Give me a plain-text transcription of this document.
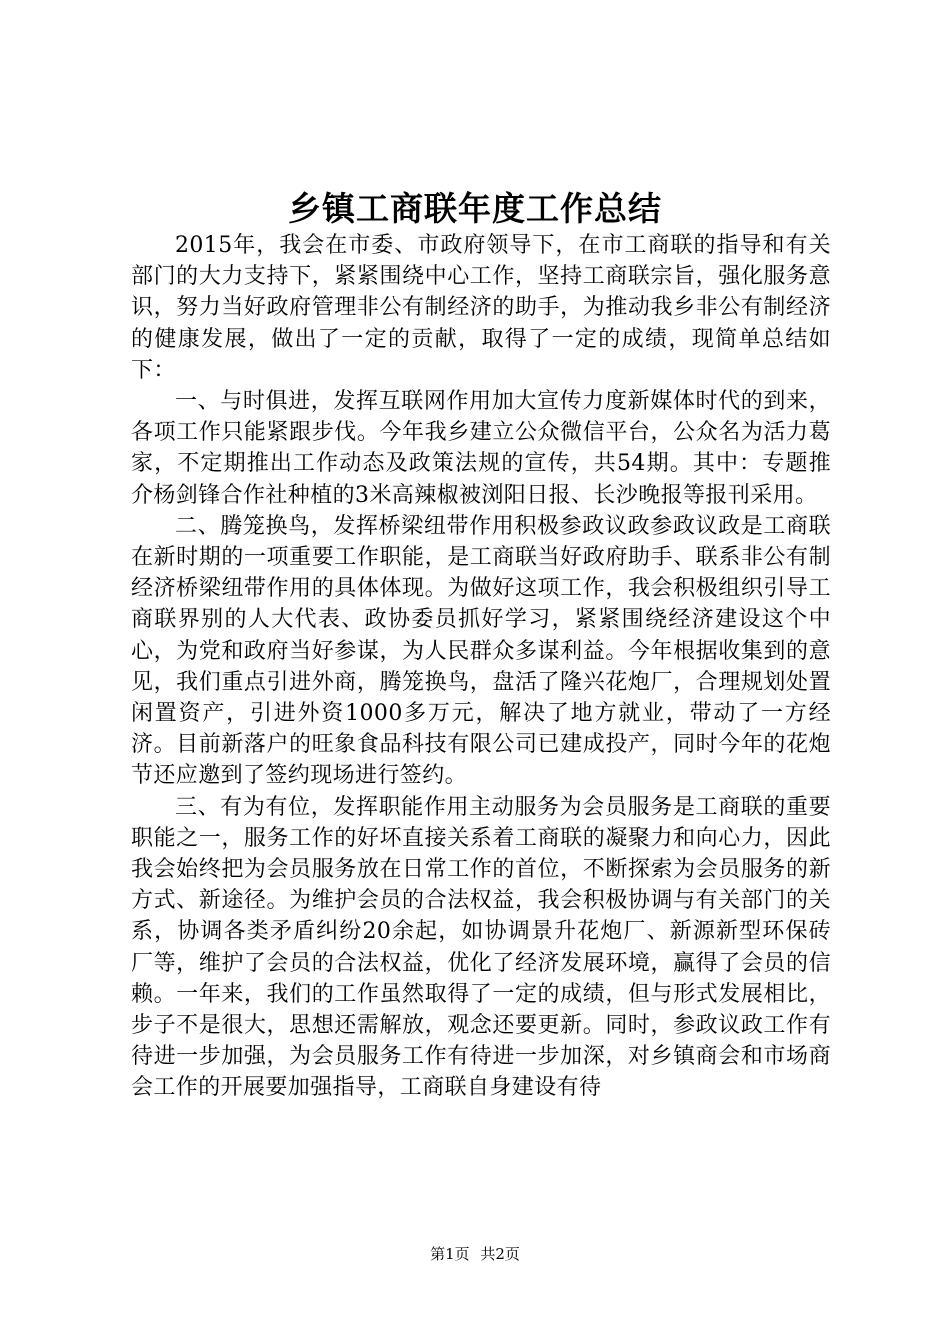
乡镇工商联年度工作总结

2015年，我会在市委、市政府领导下，在市工商联的指导和有关部门的大力支持下，紧紧围绕中心工作，坚持工商联宗旨，强化服务意识，努力当好政府管理非公有制经济的助手，为推动我乡非公有制经济的健康发展，做出了一定的贡献，取得了一定的成绩，现简单总结如下：

一、与时俱进，发挥互联网作用加大宣传力度新媒体时代的到来，各项工作只能紧跟步伐。今年我乡建立公众微信平台，公众名为活力葛家，不定期推出工作动态及政策法规的宣传，共54期。其中：专题推介杨剑锋合作社种植的3米高辣椒被浏阳日报、长沙晚报等报刊采用。

二、腾笼换鸟，发挥桥梁纽带作用积极参政议政参政议政是工商联在新时期的一项重要工作职能，是工商联当好政府助手、联系非公有制经济桥梁纽带作用的具体体现。为做好这项工作，我会积极组织引导工商联界别的人大代表、政协委员抓好学习，紧紧围绕经济建设这个中心，为党和政府当好参谋，为人民群众多谋利益。今年根据收集到的意见，我们重点引进外商，腾笼换鸟，盘活了隆兴花炮厂，合理规划处置闲置资产，引进外资1000多万元，解决了地方就业，带动了一方经济。目前新落户的旺象食品科技有限公司已建成投产，同时今年的花炮节还应邀到了签约现场进行签约。

三、有为有位，发挥职能作用主动服务为会员服务是工商联的重要职能之一，服务工作的好坏直接关系着工商联的凝聚力和向心力，因此我会始终把为会员服务放在日常工作的首位，不断探索为会员服务的新方式、新途径。为维护会员的合法权益，我会积极协调与有关部门的关系，协调各类矛盾纠纷20余起，如协调景升花炮厂、新源新型环保砖厂等，维护了会员的合法权益，优化了经济发展环境，赢得了会员的信赖。一年来，我们的工作虽然取得了一定的成绩，但与形式发展相比，步子不是很大，思想还需解放，观念还要更新。同时，参政议政工作有待进一步加强，为会员服务工作有待进一步加深，对乡镇商会和市场商会工作的开展要加强指导，工商联自身建设有待

第1页 共2页
